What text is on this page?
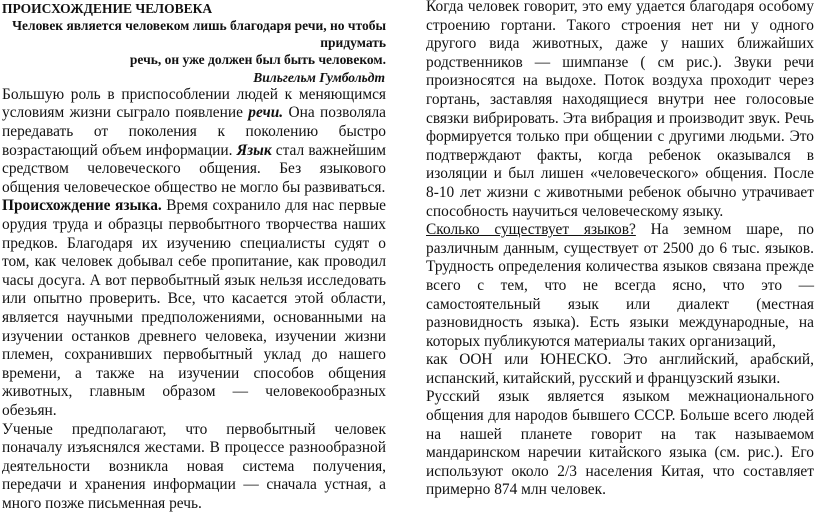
ПРОИСХОЖДЕНИЕ ЧЕЛОВЕКА

Человек является человеком лишь благодаря речи, но чтобы придумать

речь, он уже должен был быть человеком.

Вильгельм Гумбольдт

Большую роль в приспособлении людей к меняющимся условиям жизни сыграло появление речи. Она позволяла передавать от поколения к поколению быстро возрастающий объем информации. Язык стал важнейшим средством человеческого общения. Без языкового общения человеческое общество не могло бы развиваться.

Происхождение языка. Время сохранило для нас первые орудия труда и образцы первобытного творчества наших предков. Благодаря их изучению специалисты судят о том, как человек добывал себе пропитание, как проводил часы досуга. А вот первобытный язык нельзя исследовать или опытно проверить. Все, что касается этой области, является научными предположениями, основанными на изучении останков древнего человека, изучении жизни племен, сохранивших первобытный уклад до нашего времени, а также на изучении способов общения животных, главным образом — человекообразных обезьян.

Ученые предполагают, что первобытный человек поначалу изъяснялся жестами. В процессе разнообразной деятельности возникла новая система получения, передачи и хранения информации — сначала устная, а много позже письменная речь.

Когда человек говорит, это ему удается благодаря особому строению гортани. Такого строения нет ни у одного другого вида животных, даже у наших ближайших родственников — шимпанзе ( см рис.). Звуки речи произносятся на выдохе. Поток воздуха проходит через гортань, заставляя находящиеся внутри нее голосовые связки вибрировать. Эта вибрация и производит звук. Речь формируется только при общении с другими людьми. Это подтверждают факты, когда ребенок оказывался в изоляции и был лишен «человеческого» общения. После 8-10 лет жизни с животными ребенок обычно утрачивает способность научиться человеческому языку.

Сколько существует языков? На земном шаре, по различным данным, существует от 2500 до 6 тыс. языков. Трудность определения количества языков связана прежде всего с тем, что не всегда ясно, что это — самостоятельный язык или диалект (местная разновидность языка). Есть языки международные, на которых публикуются материалы таких организаций,

как ООН или ЮНЕСКО. Это английский, арабский, испанский, китайский, русский и французский языки.

Русский язык является языком межнационального общения для народов бывшего СССР. Больше всего людей на нашей планете говорит на так называемом мандаринском наречии китайского языка (см. рис.). Его используют около 2/3 населения Китая, что составляет примерно 874 млн человек.
